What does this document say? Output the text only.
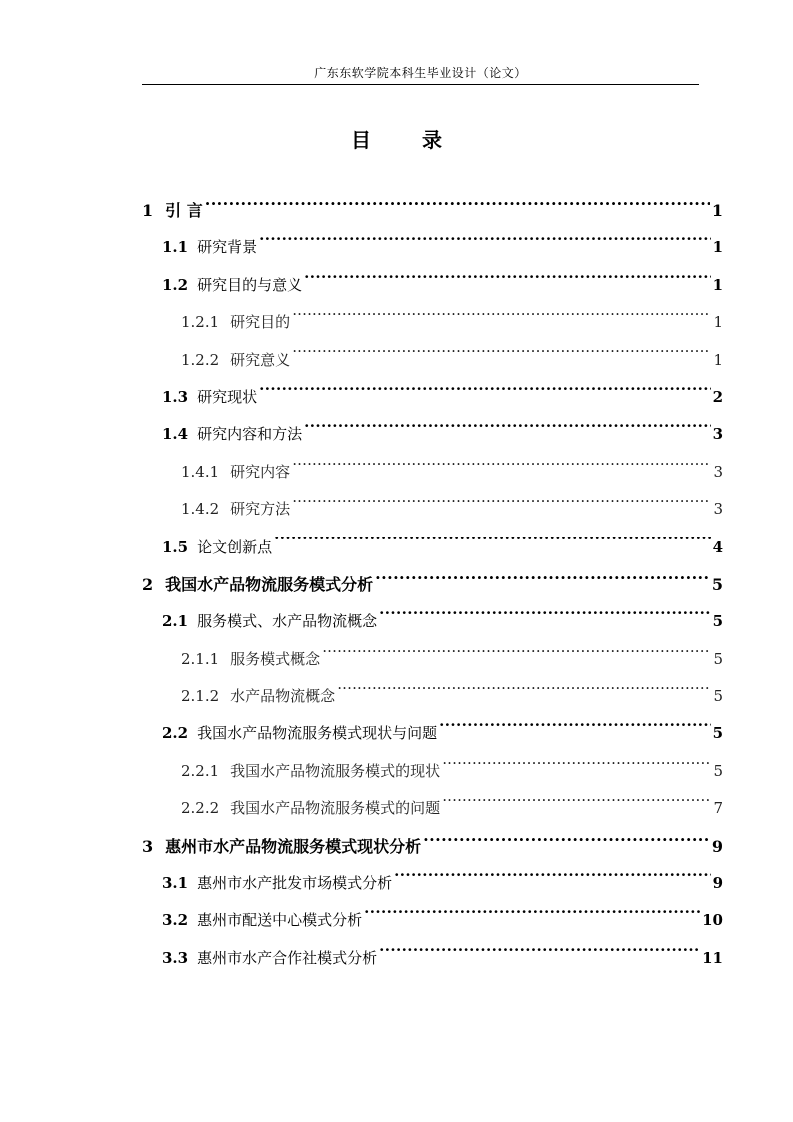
广东东软学院本科生毕业设计（论文）
目 录
1 引 言 .....	1
1.1 研究背景 .....	1
1.2 研究目的与意义 .....	1
1.2.1 研究目的 .....	1
1.2.2 研究意义 .....	1
1.3 研究现状 .....	2
1.4 研究内容和方法 .....	3
1.4.1 研究内容 .....	3
1.4.2 研究方法 .....	3
1.5 论文创新点 .....	4
2 我国水产品物流服务模式分析 .....	5
2.1 服务模式、水产品物流概念 .....	5
2.1.1 服务模式概念 .....	5
2.1.2 水产品物流概念 .....	5
2.2 我国水产品物流服务模式现状与问题 .....	5
2.2.1 我国水产品物流服务模式的现状 .....	5
2.2.2 我国水产品物流服务模式的问题 .....	7
3 惠州市水产品物流服务模式现状分析 .....	9
3.1 惠州市水产批发市场模式分析 .....	9
3.2 惠州市配送中心模式分析 .....	10
3.3 惠州市水产合作社模式分析 .....	11
